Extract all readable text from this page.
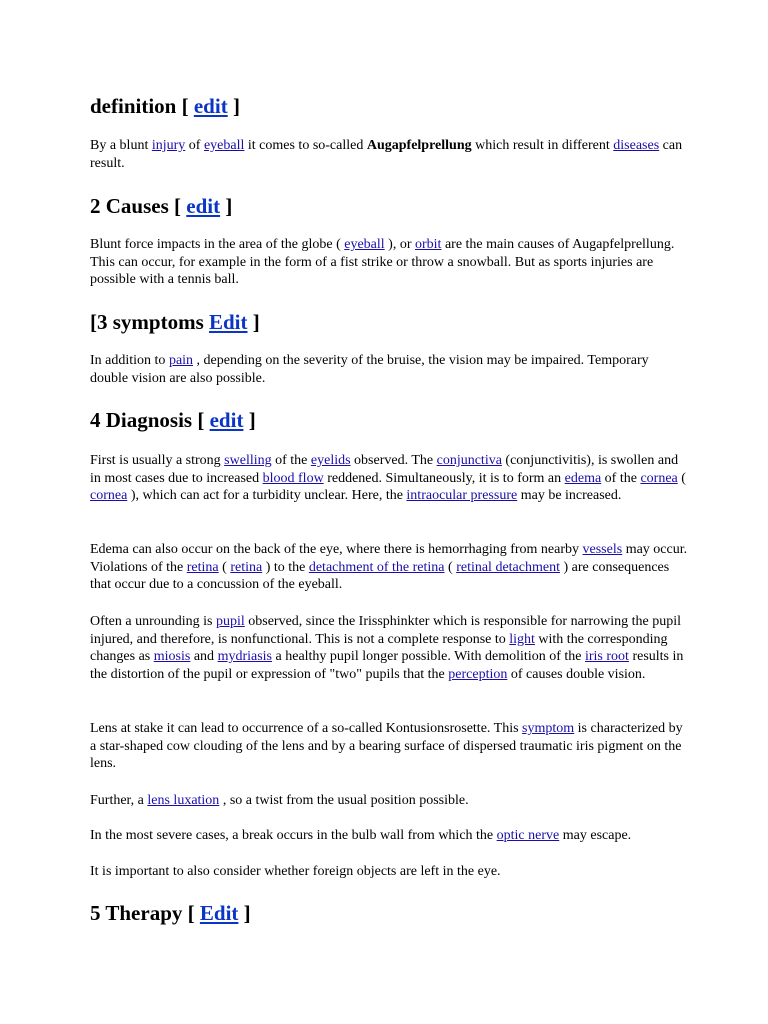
definition [ edit ]

By a blunt injury of eyeball it comes to so-called Augapfelprellung which result in different diseases can result.

2 Causes [ edit ]

Blunt force impacts in the area of the globe ( eyeball ), or orbit are the main causes of Augapfelprellung. This can occur, for example in the form of a fist strike or throw a snowball. But as sports injuries are possible with a tennis ball.

[3 symptoms Edit ]

In addition to pain , depending on the severity of the bruise, the vision may be impaired. Temporary double vision are also possible.

4 Diagnosis [ edit ]

First is usually a strong swelling of the eyelids observed. The conjunctiva (conjunctivitis), is swollen and in most cases due to increased blood flow reddened. Simultaneously, it is to form an edema of the cornea ( cornea ), which can act for a turbidity unclear. Here, the intraocular pressure may be increased.

Edema can also occur on the back of the eye, where there is hemorrhaging from nearby vessels may occur. Violations of the retina ( retina ) to the detachment of the retina ( retinal detachment ) are consequences that occur due to a concussion of the eyeball.

Often a unrounding is pupil observed, since the Irissphinkter which is responsible for narrowing the pupil injured, and therefore, is nonfunctional. This is not a complete response to light with the corresponding changes as miosis and mydriasis a healthy pupil longer possible. With demolition of the iris root results in the distortion of the pupil or expression of "two" pupils that the perception of causes double vision.

Lens at stake it can lead to occurrence of a so-called Kontusionsrosette. This symptom is characterized by a star-shaped cow clouding of the lens and by a bearing surface of dispersed traumatic iris pigment on the lens.

Further, a lens luxation , so a twist from the usual position possible.

In the most severe cases, a break occurs in the bulb wall from which the optic nerve may escape.

It is important to also consider whether foreign objects are left in the eye.

5 Therapy [ Edit ]
